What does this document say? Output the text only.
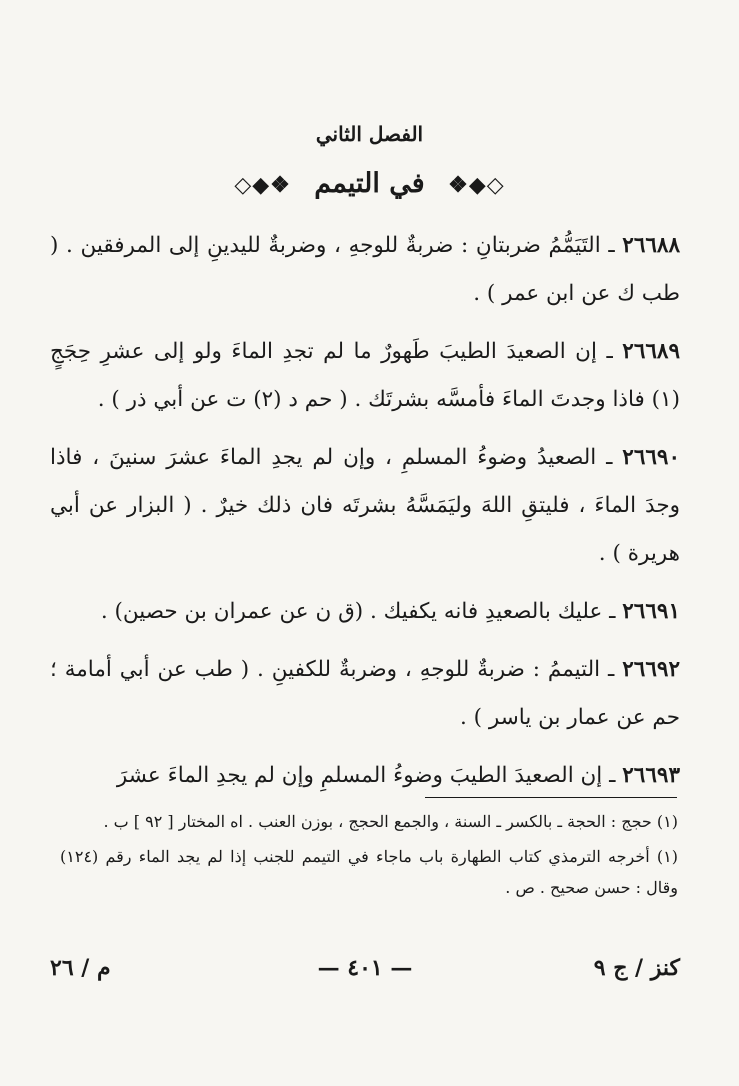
الفصل الثاني
◇◆❖ في التيمم ❖◆◇
٢٦٦٨٨ ـ التَيَمُّمُ ضربتانِ : ضربةٌ للوجهِ ، وضربةٌ لليدينِ إلى المرفقين . ( طب ك عن ابن عمر ) .
٢٦٦٨٩ ـ إن الصعيدَ الطيبَ طَهورٌ ما لم تجدِ الماءَ ولو إلى عشرِ حِجَجٍ (١) فاذا وجدتَ الماءَ فأمسَّه بشرتَك . ( حم د (٢) ت عن أبي ذر ) .
٢٦٦٩٠ ـ الصعيدُ وضوءُ المسلمِ ، وإن لم يجدِ الماءَ عشرَ سنينَ ، فاذا وجدَ الماءَ ، فليتقِ اللهَ وليَمَسَّهُ بشرتَه فان ذلك خيرٌ . ( البزار عن أبي هريرة ) .
٢٦٦٩١ ـ عليك بالصعيدِ فانه يكفيك . (ق ن عن عمران بن حصين) .
٢٦٦٩٢ ـ التيممُ : ضربةٌ للوجهِ ، وضربةٌ للكفينِ . ( طب عن أبي أمامة ؛ حم عن عمار بن ياسر ) .
٢٦٦٩٣ ـ إن الصعيدَ الطيبَ وضوءُ المسلمِ وإن لم يجدِ الماءَ عشرَ
(١) حجج : الحجة ـ بالكسر ـ السنة ، والجمع الحجج ، بوزن العنب . اه المختار [ ٩٢ ] ب .
(١) أخرجه الترمذي كتاب الطهارة باب ماجاء في التيمم للجنب إذا لم يجد الماء رقم (١٢٤) وقال : حسن صحيح . ص .
كنز / ج ٩
— ٤٠١ —
م / ٢٦
